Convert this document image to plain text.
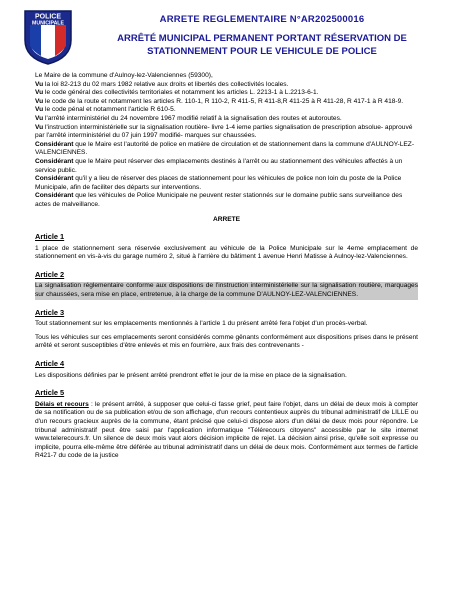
POLICE
MUNICIPALE	ARRETE REGLEMENTAIRE N°AR202500016
ARRÊTÉ MUNICIPAL PERMANENT PORTANT RÉSERVATION DE
STATIONNEMENT POUR LE VEHICULE DE POLICE

Le Maire de la commune d'Aulnoy-lez-Valenciennes (59300),

Vu la loi 82-213 du 02 mars 1982 relative aux droits et libertés des collectivités locales.

Vu le code général des collectivités territoriales et notamment les articles L. 2213-1 à L.2213-6-1.

Vu le code de la route et notamment les articles R. 110-1, R 110-2, R 411-5, R 411-8,R 411-25 à R 411-28, R 417-1 à R 418-9.

Vu le code pénal et notamment l'article R 610-5.

Vu l'arrêté interministériel du 24 novembre 1967 modifié relatif à la signalisation des routes et autoroutes.

Vu l'instruction interministérielle sur la signalisation routière- livre 1-4 ieme parties signalisation de prescription absolue- approuvé par l'arrêté interministériel du 07 juin 1997 modifié- marques sur chaussées.

Considérant que le Maire est l'autorité de police en matière de circulation et de stationnement dans la commune d'AULNOY-LEZ-VALENCIENNES.

Considérant que le Maire peut réserver des emplacements destinés à l'arrêt ou au stationnement des véhicules affectés à un service public.

Considérant qu'il y a lieu de réserver des places de stationnement pour les véhicules de police non loin du poste de la Police Municipale, afin de faciliter des départs sur interventions.

Considérant que les véhicules de Police Municipale ne peuvent rester stationnés sur le domaine public sans surveillance des actes de malveillance.

ARRETE

Article 1

1 place de stationnement sera réservée exclusivement au véhicule de la Police Municipale sur le 4eme emplacement de stationnement en vis-à-vis du garage numéro 2, situé à l'arrière du bâtiment 1 avenue Henri Matisse à Aulnoy-lez-Valenciennes.

Article 2

La signalisation réglementaire conforme aux dispositions de l'instruction interministérielle sur la signalisation routière, marquages sur chaussées, sera mise en place, entretenue, à la charge de la commune D'AULNOY-LEZ-VALENCIENNES.

Article 3

Tout stationnement sur les emplacements mentionnés à l'article 1 du présent arrêté fera l'objet d'un procès-verbal.

Tous les véhicules sur ces emplacements seront considérés comme gênants conformément aux dispositions prises dans le présent arrêté et seront susceptibles d'être enlevés et mis en fourrière, aux frais des contrevenants -

Article 4

Les dispositions définies par le présent arrêté prendront effet le jour de la mise en place de la signalisation.

Article 5

Délais et recours : le présent arrêté, à supposer que celui-ci fasse grief, peut faire l'objet, dans un délai de deux mois à compter de sa notification ou de sa publication et/ou de son affichage, d'un recours contentieux auprès du tribunal administratif de LILLE ou d'un recours gracieux auprès de la commune, étant précisé que celui-ci dispose alors d'un délai de deux mois pour répondre. Le tribunal administratif peut être saisi par l'application informatique "Télérecours citoyens" accessible par le site internet www.telerecours.fr. Un silence de deux mois vaut alors décision implicite de rejet. La décision ainsi prise, qu'elle soit expresse ou implicite, pourra elle-même être déférée au tribunal administratif dans un délai de deux mois. Conformément aux termes de l'article R421-7 du code de la justice
